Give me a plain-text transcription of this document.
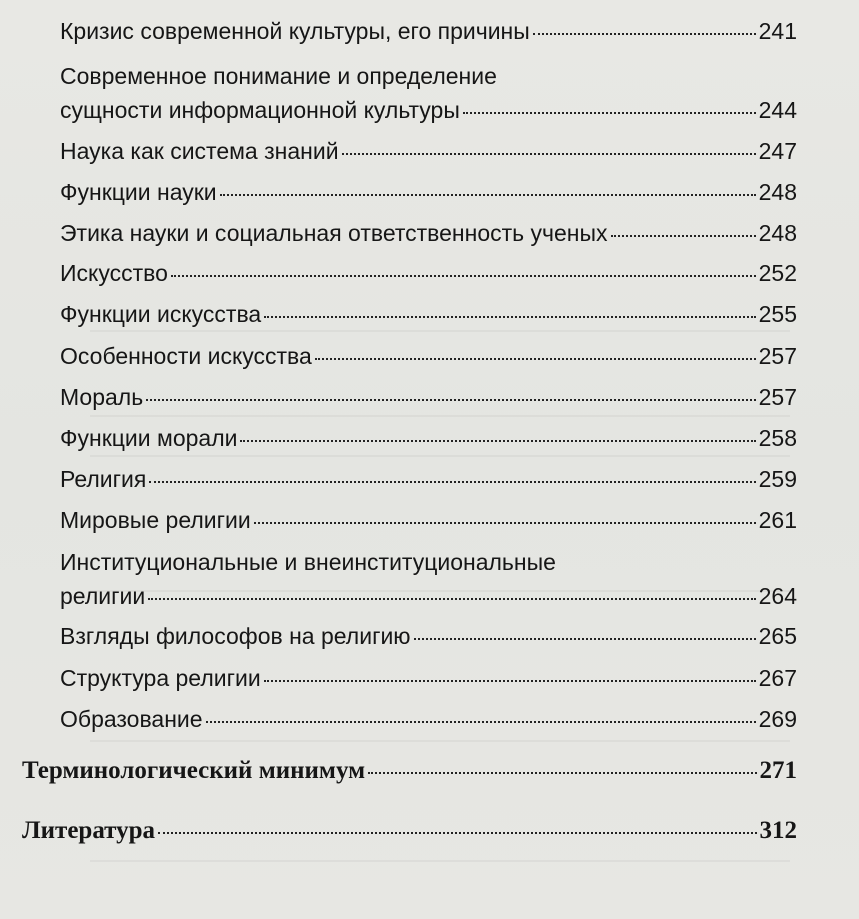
Кризис современной культуры, его причины	241
Современное понимание и определение
сущности информационной культуры	244
Наука как система знаний	247
Функции науки	248
Этика науки и социальная ответственность ученых	248
Искусство	252
Функции искусства	255
Особенности искусства	257
Мораль	257
Функции морали	258
Религия	259
Мировые религии	261
Институциональные и внеинституциональные
религии	264
Взгляды философов на религию	265
Структура религии	267
Образование	269
Терминологический минимум	271
Литература	312
